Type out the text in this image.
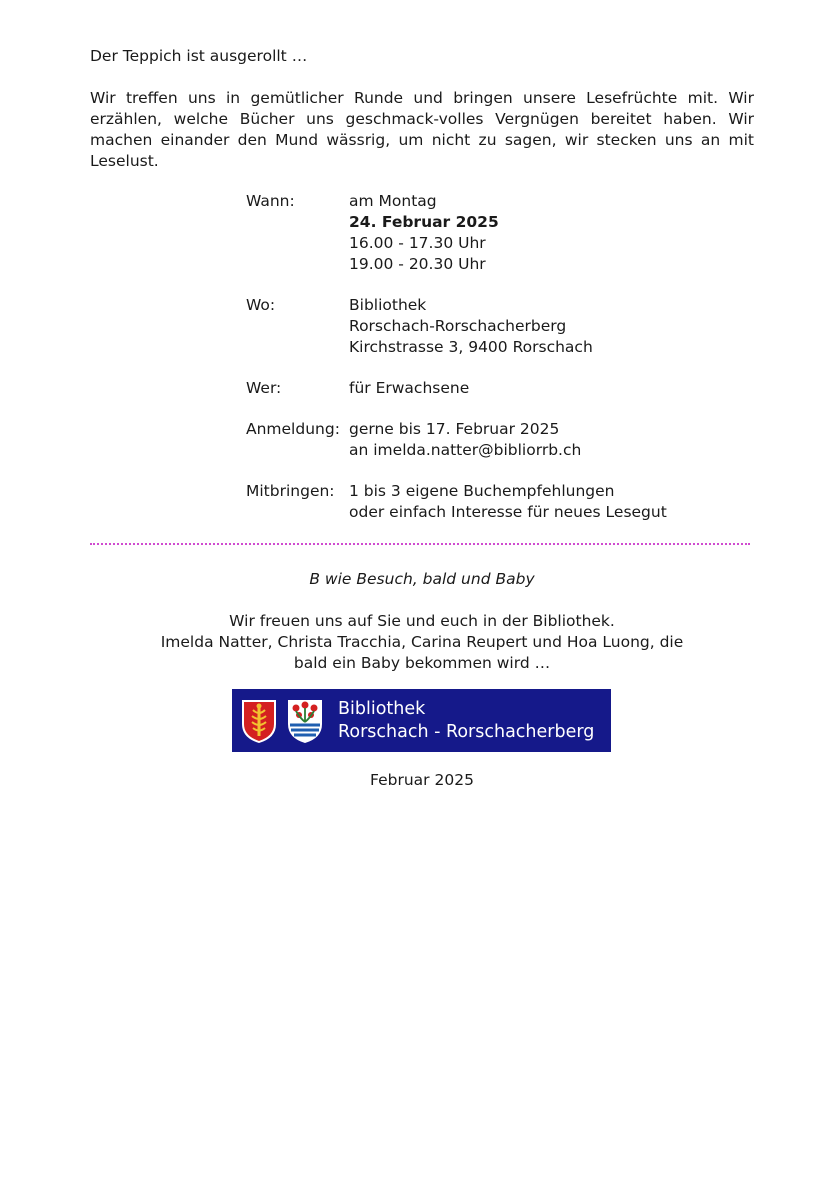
Der Teppich ist ausgerollt …
Wir treffen uns in gemütlicher Runde und bringen unsere Lesefrüchte mit. Wir erzählen, welche Bücher uns geschmack-volles Vergnügen bereitet haben. Wir machen einander den Mund wässrig, um nicht zu sagen, wir stecken uns an mit Leselust.
Wann:	am Montag
24. Februar 2025
16.00 - 17.30 Uhr
19.00 - 20.30 Uhr
Wo:	Bibliothek
Rorschach-Rorschacherberg
Kirchstrasse 3, 9400 Rorschach
Wer:	für Erwachsene
Anmeldung: gerne bis 17. Februar 2025
an imelda.natter@bibliorrb.ch
Mitbringen: 1 bis 3 eigene Buchempfehlungen
oder einfach Interesse für neues Lesegut
B wie Besuch, bald und Baby
Wir freuen uns auf Sie und euch in der Bibliothek.
Imelda Natter, Christa Tracchia, Carina Reupert und Hoa Luong, die
bald ein Baby bekommen wird …
Bibliothek
Rorschach - Rorschacherberg
Februar 2025
